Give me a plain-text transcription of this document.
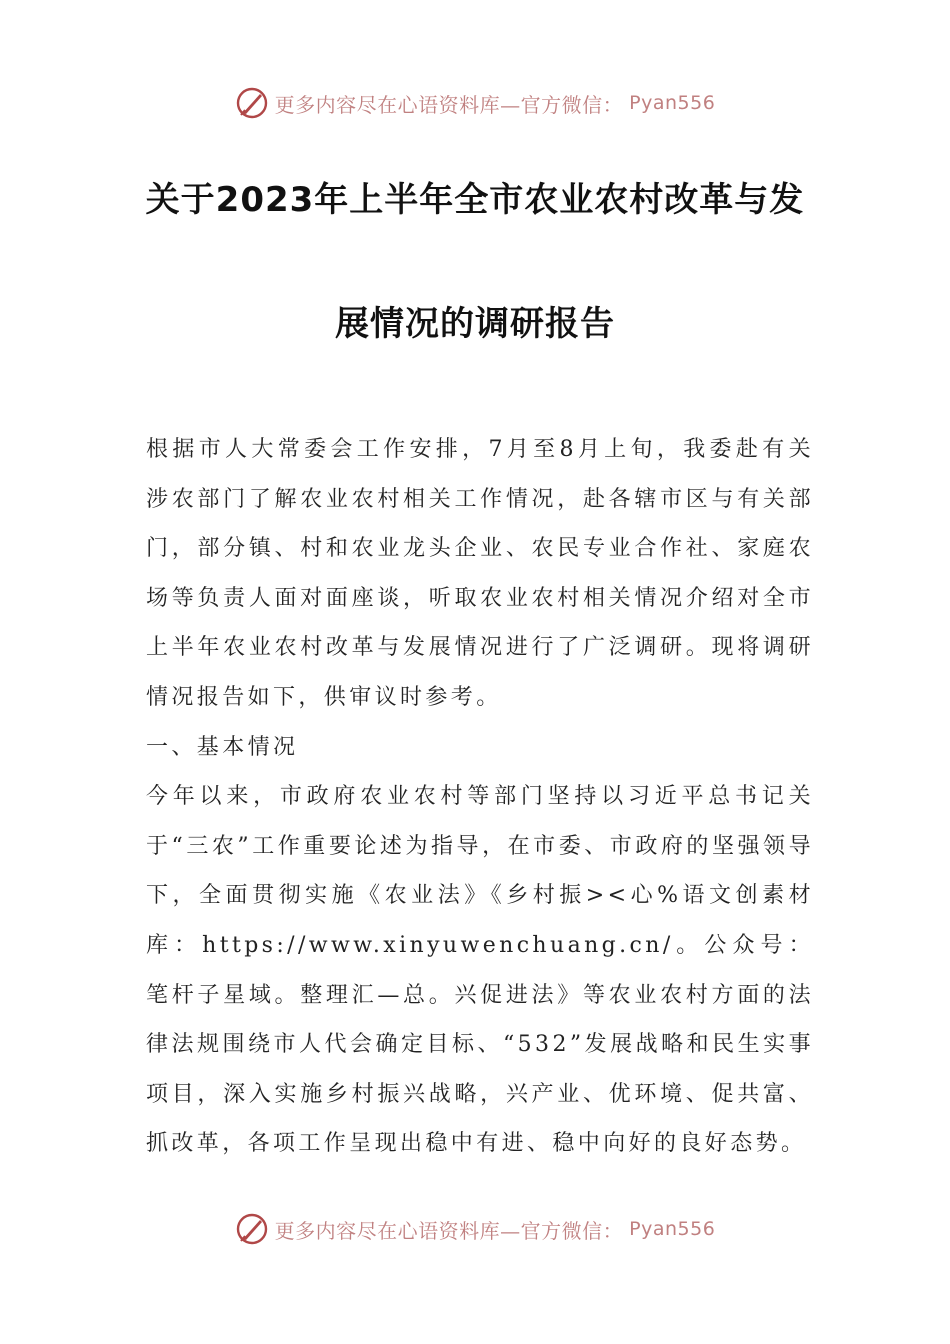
更多内容尽在心语资料库—官方微信： Pyan556
关于2023年上半年全市农业农村改革与发
展情况的调研报告

根据市人大常委会工作安排，7月至8月上旬，我委赴有关涉农部门了解农业农村相关工作情况，赴各辖市区与有关部门，部分镇、村和农业龙头企业、农民专业合作社、家庭农场等负责人面对面座谈，听取农业农村相关情况介绍对全市上半年农业农村改革与发展情况进行了广泛调研。现将调研情况报告如下，供审议时参考。

一、基本情况

今年以来，市政府农业农村等部门坚持以习近平总书记关于“三农”工作重要论述为指导，在市委、市政府的坚强领导下，全面贯彻实施《农业法》《乡村振><心%语文创素材库：https://www.xinyuwenchuang.cn/。公众号：笔杆子星域。整理汇—总。兴促进法》等农业农村方面的法律法规围绕市人代会确定目标、“532”发展战略和民生实事项目，深入实施乡村振兴战略，兴产业、优环境、促共富、抓改革，各项工作呈现出稳中有进、稳中向好的良好态势。

更多内容尽在心语资料库—官方微信： Pyan556
